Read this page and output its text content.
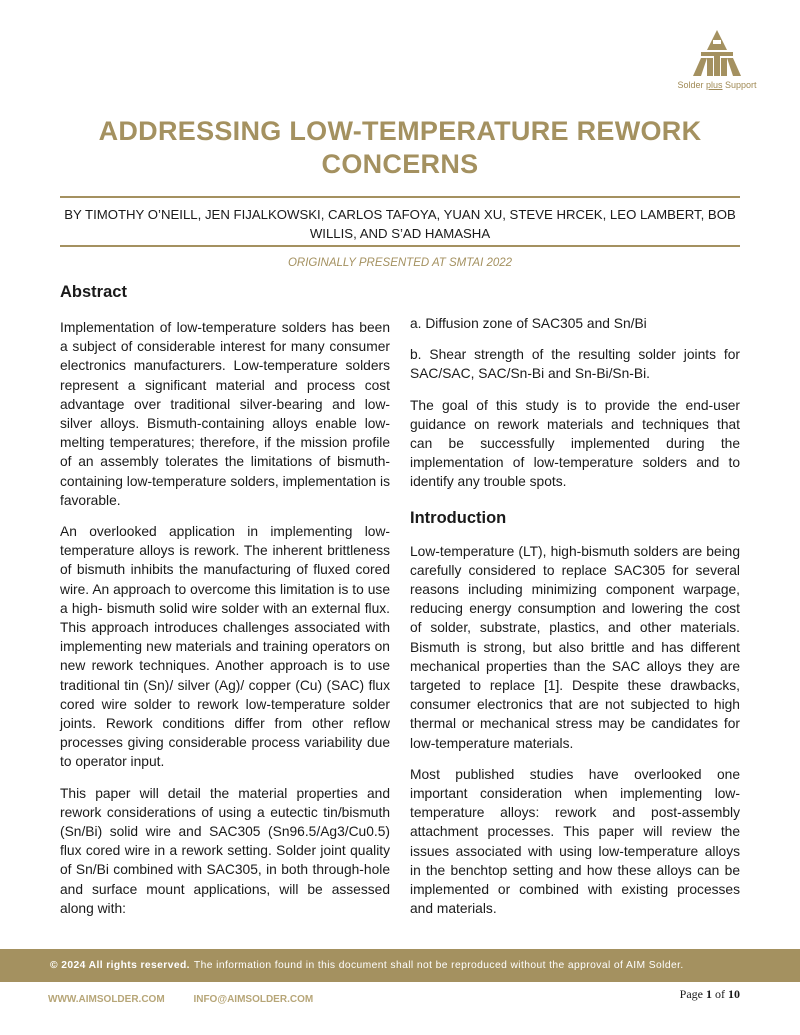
Solder plus Support
ADDRESSING LOW-TEMPERATURE REWORK CONCERNS
BY TIMOTHY O’NEILL, JEN FIJALKOWSKI, CARLOS TAFOYA, YUAN XU, STEVE HRCEK, LEO LAMBERT, BOB WILLIS, AND S’AD HAMASHA
ORIGINALLY PRESENTED AT SMTAI 2022
Abstract

Implementation of low-temperature solders has been a subject of considerable interest for many consumer electronics manufacturers. Low-temperature solders represent a significant material and process cost advantage over traditional silver-bearing and low-silver alloys. Bismuth-containing alloys enable low-melting temperatures; therefore, if the mission profile of an assembly tolerates the limitations of bismuth-containing low-temperature solders, implementation is favorable.

An overlooked application in implementing low-temperature alloys is rework. The inherent brittleness of bismuth inhibits the manufacturing of fluxed cored wire. An approach to overcome this limitation is to use a high- bismuth solid wire solder with an external flux. This approach introduces challenges associated with implementing new materials and training operators on new rework techniques. Another approach is to use traditional tin (Sn)/ silver (Ag)/ copper (Cu) (SAC) flux cored wire solder to rework low-temperature solder joints. Rework conditions differ from other reflow processes giving considerable process variability due to operator input.

This paper will detail the material properties and rework considerations of using a eutectic tin/bismuth (Sn/Bi) solid wire and SAC305 (Sn96.5/Ag3/Cu0.5) flux cored wire in a rework setting. Solder joint quality of Sn/Bi combined with SAC305, in both through-hole and surface mount applications, will be assessed along with:

a. Diffusion zone of SAC305 and Sn/Bi

b. Shear strength of the resulting solder joints for SAC/SAC, SAC/Sn-Bi and Sn-Bi/Sn-Bi.

The goal of this study is to provide the end-user guidance on rework materials and techniques that can be successfully implemented during the implementation of low-temperature solders and to identify any trouble spots.

Introduction

Low-temperature (LT), high-bismuth solders are being carefully considered to replace SAC305 for several reasons including minimizing component warpage, reducing energy consumption and lowering the cost of solder, substrate, plastics, and other materials. Bismuth is strong, but also brittle and has different mechanical properties than the SAC alloys they are targeted to replace [1]. Despite these drawbacks, consumer electronics that are not subjected to high thermal or mechanical stress may be candidates for low-temperature materials.

Most published studies have overlooked one important consideration when implementing low-temperature alloys: rework and post-assembly attachment processes. This paper will review the issues associated with using low-temperature alloys in the benchtop setting and how these alloys can be implemented or combined with existing processes and materials.

© 2024 All rights reserved. The information found in this document shall not be reproduced without the approval of AIM Solder.
WWW.AIMSOLDER.COM	INFO@AIMSOLDER.COM	Page 1 of 10
